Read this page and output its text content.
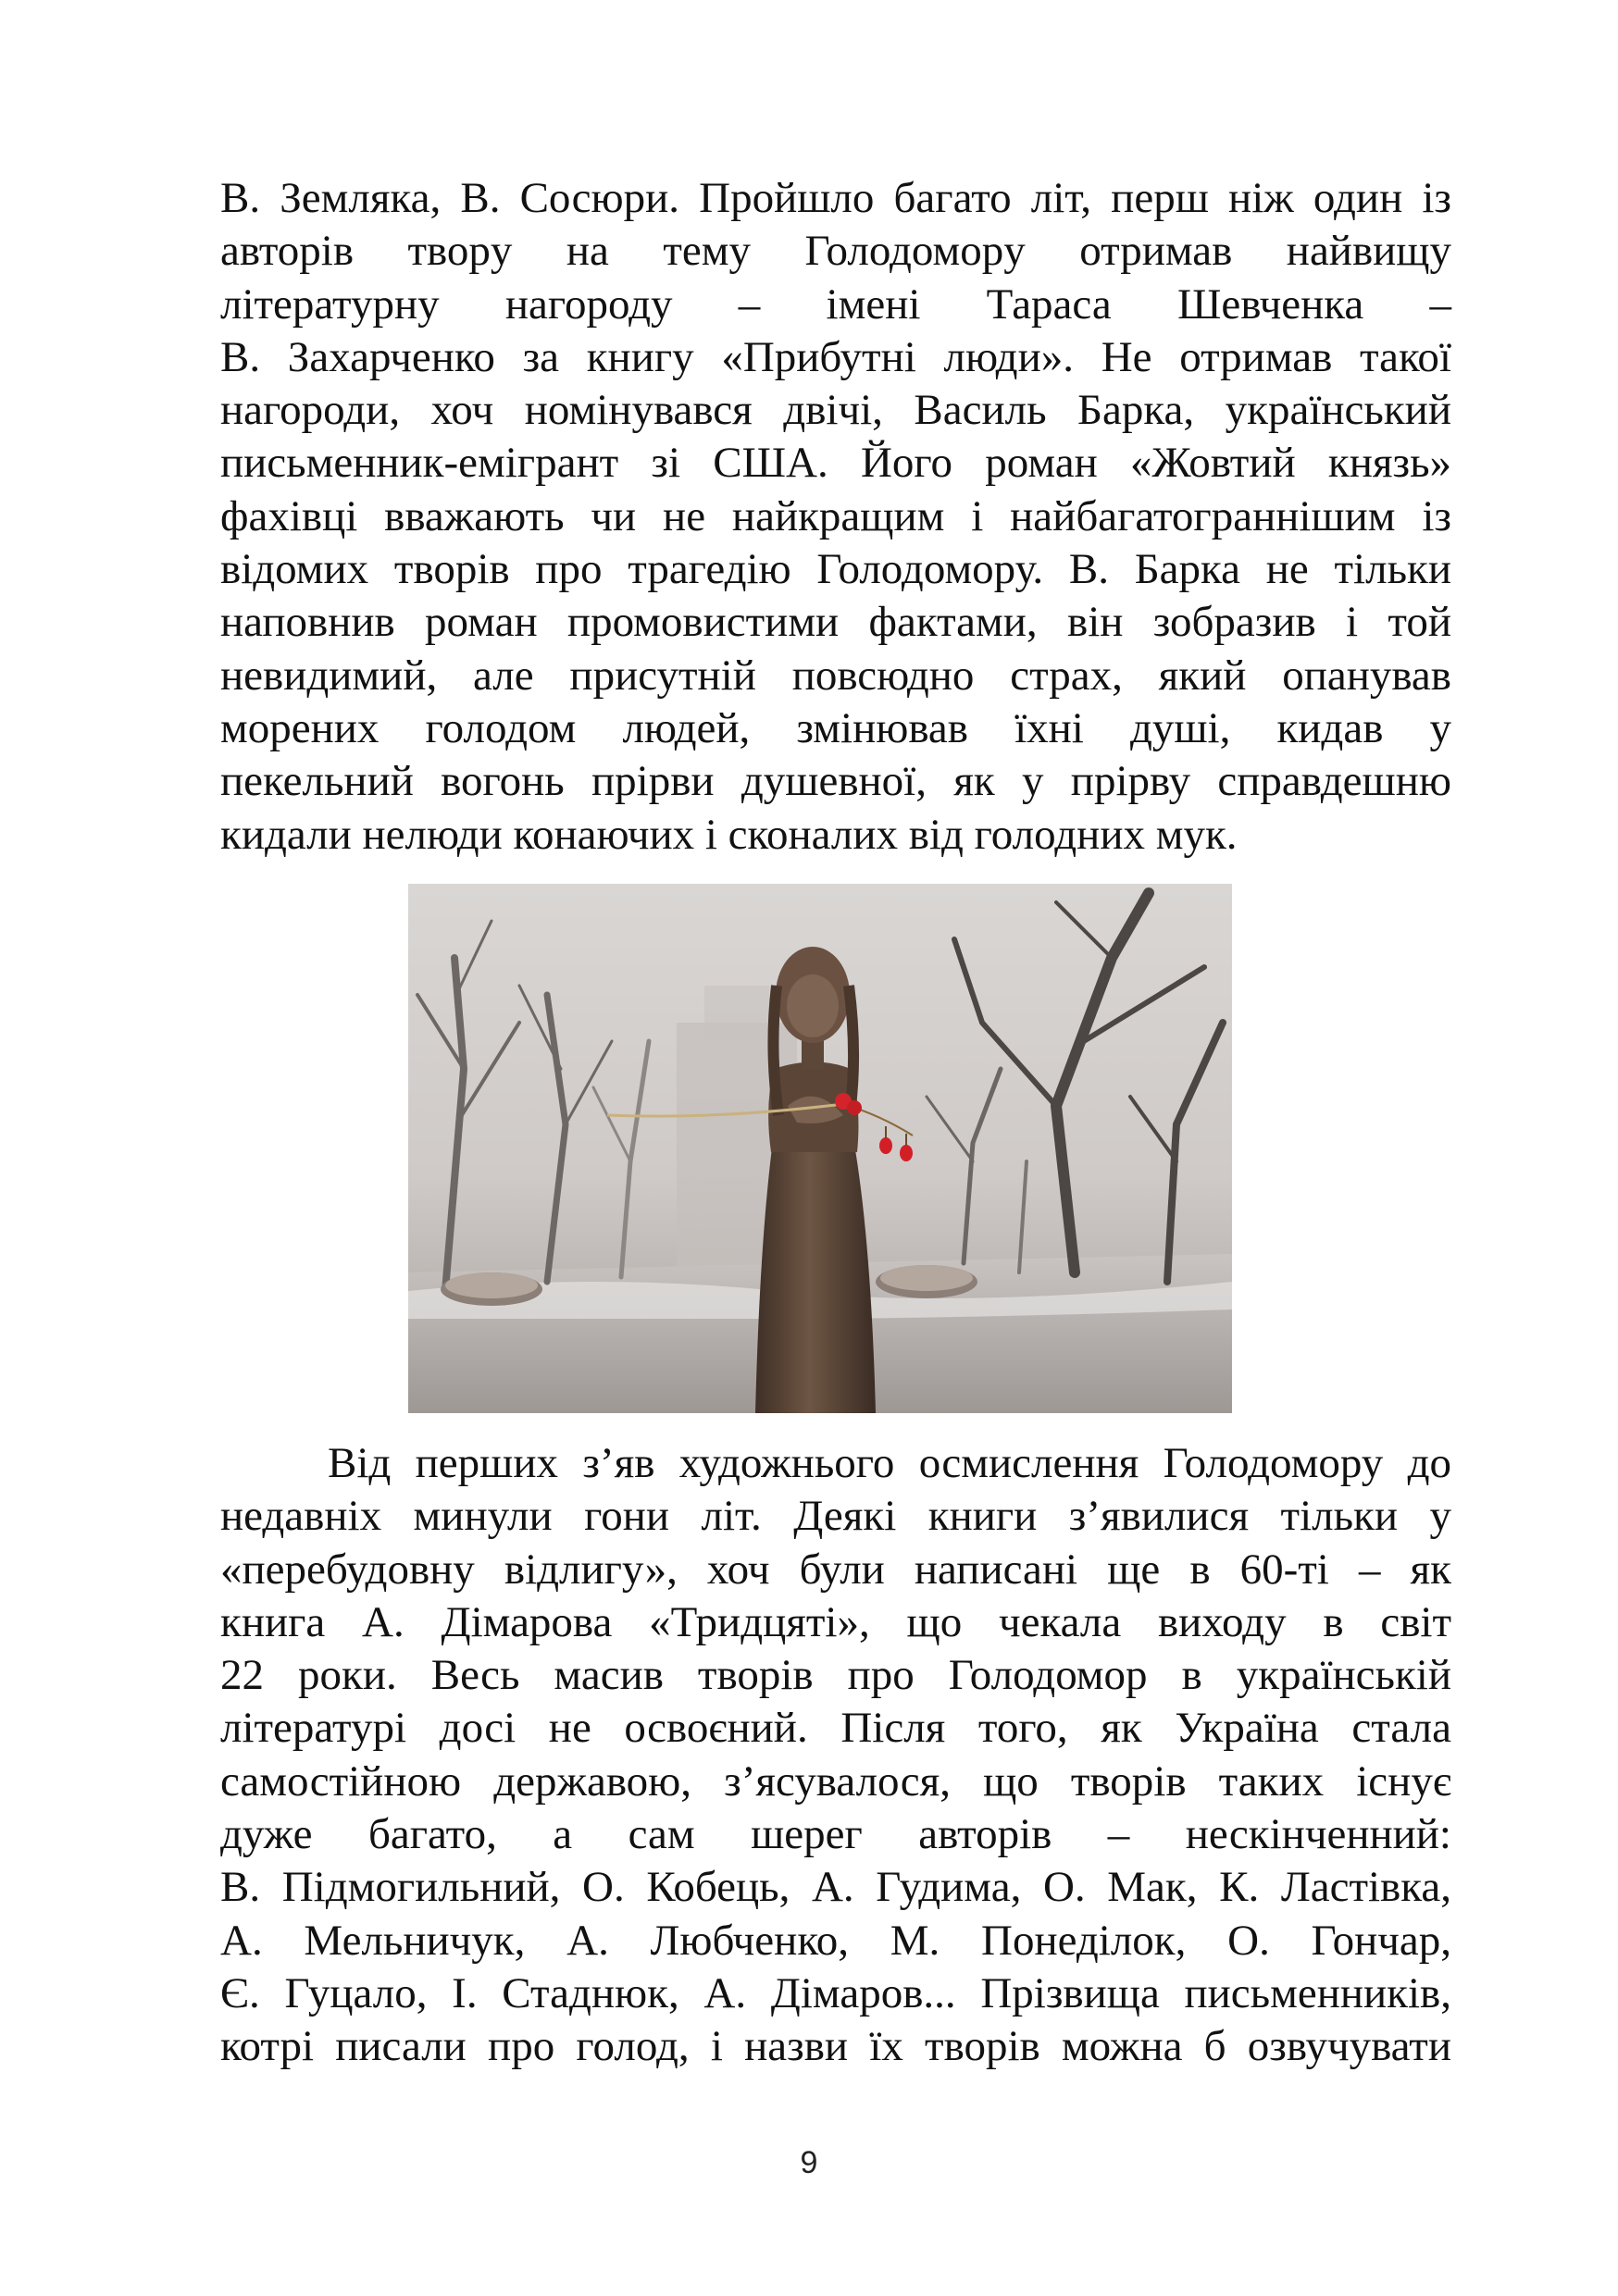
В. Земляка, В. Сосюри. Пройшло багато літ, перш ніж один із
авторів творy на темy Голодоморy отримав найвищу
літературну нагороду – імені Тараса Шевченка –
В. Захарченко за книгу «Прибутні люди». Не отримав такої
нагороди, хоч номінувався двічі, Василь Барка, український
письменник-емігрант зі США. Його роман «Жовтий князь»
фахівці вважають чи не найкращим і найбагатограннішим із
відомих творів про трагедію Голодомору. В. Барка не тільки
наповнив роман промовистими фактами, він зобразив і той
невидимий, але присутній повсюдно страх, який опанував
морених голодом людей, змінював їхні душі, кидав у
пекельний вогонь прірви душевної, як у прірву справдешню
кидали нелюди конаючих і сконалих від голодних мук.
Від перших з’яв художнього осмислення Голодомору до
недавніх минули гони літ. Деякі книги з’явилися тільки у
«перебудовну відлигу», хоч були написані ще в 60-ті – як
книга А. Дімарова «Тридцяті», що чекала виходу в світ
22 роки. Весь масив творів про Голодомор в українській
літературі досі не освоєний. Після того, як Україна стала
самостійною державою, з’ясувалося, що творів таких існує
дуже багато, а сам шерег авторів – нескінченний:
В. Підмогильний, О. Кобець, А. Гудима, О. Мак, К. Ластівка,
А. Мельничук, А. Любченко, М. Понеділок, О. Гончар,
Є. Гуцало, І. Стаднюк, А. Дімаров... Прізвища письменників,
котрі писали про голод, і назви їх творів можна б озвучувати
9
